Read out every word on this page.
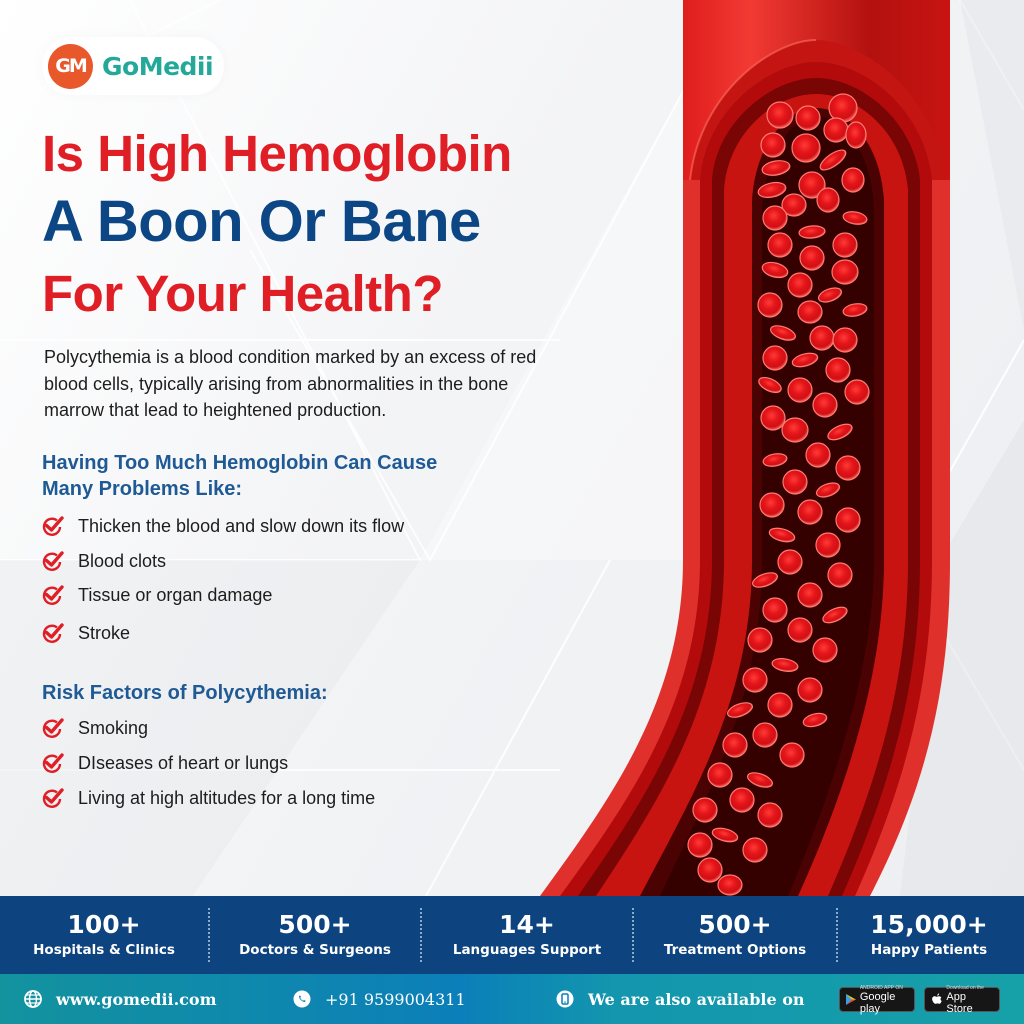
GM GoMedii
Is High Hemoglobin
A Boon Or Bane
For Your Health?

Polycythemia is a blood condition marked by an excess of red blood cells, typically arising from abnormalities in the bone marrow that lead to heightened production.

Having Too Much Hemoglobin Can Cause Many Problems Like:
Thicken the blood and slow down its flow
Blood clots
Tissue or organ damage
Stroke
Risk Factors of Polycythemia:
Smoking
DIseases of heart or lungs
Living at high altitudes for a long time
100+
Hospitals & Clinics
500+
Doctors & Surgeons
14+
Languages Support
500+
Treatment Options
15,000+
Happy Patients
www.gomedii.com	+91 9599004311	We are also available on
ANDROID APP ON
Google play
Download on the
App Store
